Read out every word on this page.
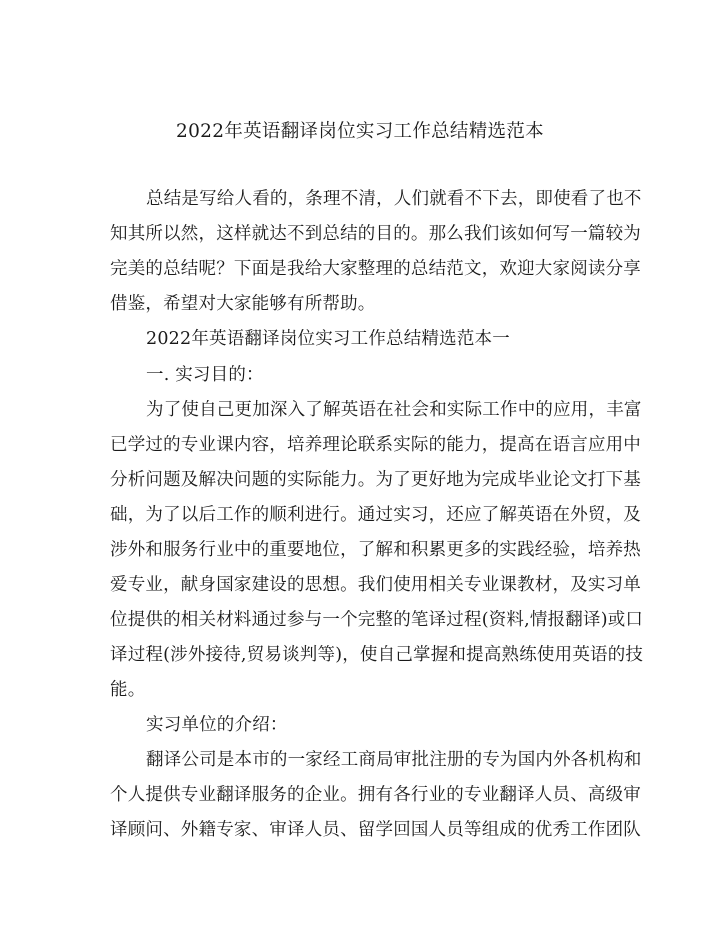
2022年英语翻译岗位实习工作总结精选范本
总结是写给人看的，条理不清，人们就看不下去，即使看了也不
知其所以然，这样就达不到总结的目的。那么我们该如何写一篇较为
完美的总结呢？下面是我给大家整理的总结范文，欢迎大家阅读分享
借鉴，希望对大家能够有所帮助。
2022年英语翻译岗位实习工作总结精选范本一
一. 实习目的：
为了使自己更加深入了解英语在社会和实际工作中的应用，丰富
已学过的专业课内容，培养理论联系实际的能力，提高在语言应用中
分析问题及解决问题的实际能力。为了更好地为完成毕业论文打下基
础，为了以后工作的顺利进行。通过实习，还应了解英语在外贸，及
涉外和服务行业中的重要地位，了解和积累更多的实践经验，培养热
爱专业，献身国家建设的思想。我们使用相关专业课教材，及实习单
位提供的相关材料通过参与一个完整的笔译过程(资料,情报翻译)或口
译过程(涉外接待,贸易谈判等)，使自己掌握和提高熟练使用英语的技
能。
实习单位的介绍：
翻译公司是本市的一家经工商局审批注册的专为国内外各机构和
个人提供专业翻译服务的企业。拥有各行业的专业翻译人员、高级审
译顾问、外籍专家、审译人员、留学回国人员等组成的优秀工作团队
